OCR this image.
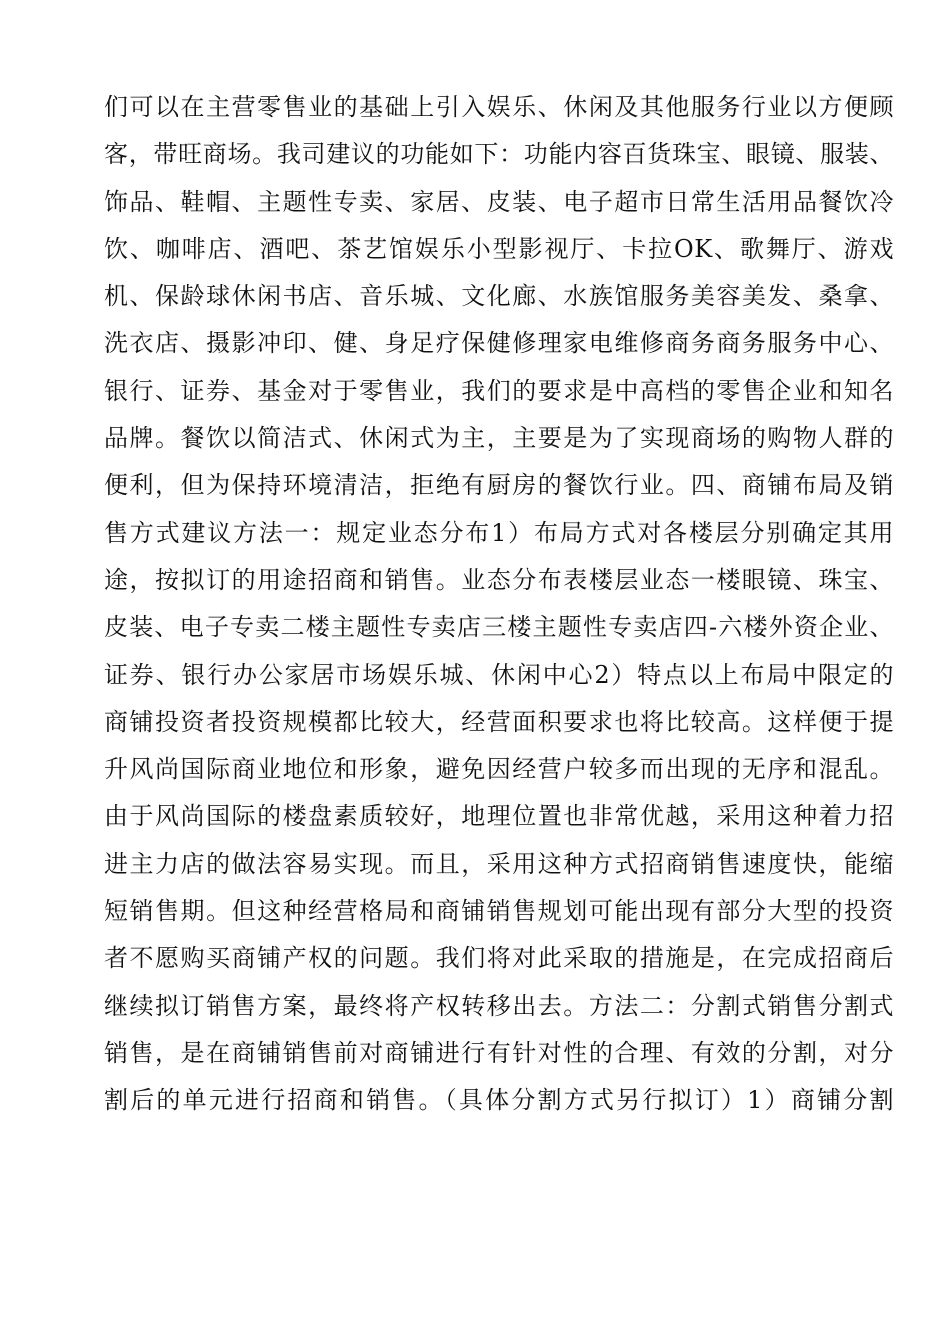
们可以在主营零售业的基础上引入娱乐、休闲及其他服务行业以方便顾
客，带旺商场。我司建议的功能如下：功能内容百货珠宝、眼镜、服装、
饰品、鞋帽、主题性专卖、家居、皮装、电子超市日常生活用品餐饮冷
饮、咖啡店、酒吧、茶艺馆娱乐小型影视厅、卡拉OK、歌舞厅、游戏
机、保龄球休闲书店、音乐城、文化廊、水族馆服务美容美发、桑拿、
洗衣店、摄影冲印、健、身足疗保健修理家电维修商务商务服务中心、
银行、证券、基金对于零售业，我们的要求是中高档的零售企业和知名
品牌。餐饮以简洁式、休闲式为主，主要是为了实现商场的购物人群的
便利，但为保持环境清洁，拒绝有厨房的餐饮行业。四、商铺布局及销
售方式建议方法一：规定业态分布1）布局方式对各楼层分别确定其用
途，按拟订的用途招商和销售。业态分布表楼层业态一楼眼镜、珠宝、
皮装、电子专卖二楼主题性专卖店三楼主题性专卖店四-六楼外资企业、
证券、银行办公家居市场娱乐城、休闲中心2）特点以上布局中限定的
商铺投资者投资规模都比较大，经营面积要求也将比较高。这样便于提
升风尚国际商业地位和形象，避免因经营户较多而出现的无序和混乱。
由于风尚国际的楼盘素质较好，地理位置也非常优越，采用这种着力招
进主力店的做法容易实现。而且，采用这种方式招商销售速度快，能缩
短销售期。但这种经营格局和商铺销售规划可能出现有部分大型的投资
者不愿购买商铺产权的问题。我们将对此采取的措施是，在完成招商后
继续拟订销售方案，最终将产权转移出去。方法二：分割式销售分割式
销售，是在商铺销售前对商铺进行有针对性的合理、有效的分割，对分
割后的单元进行招商和销售。（具体分割方式另行拟订）1）商铺分割
